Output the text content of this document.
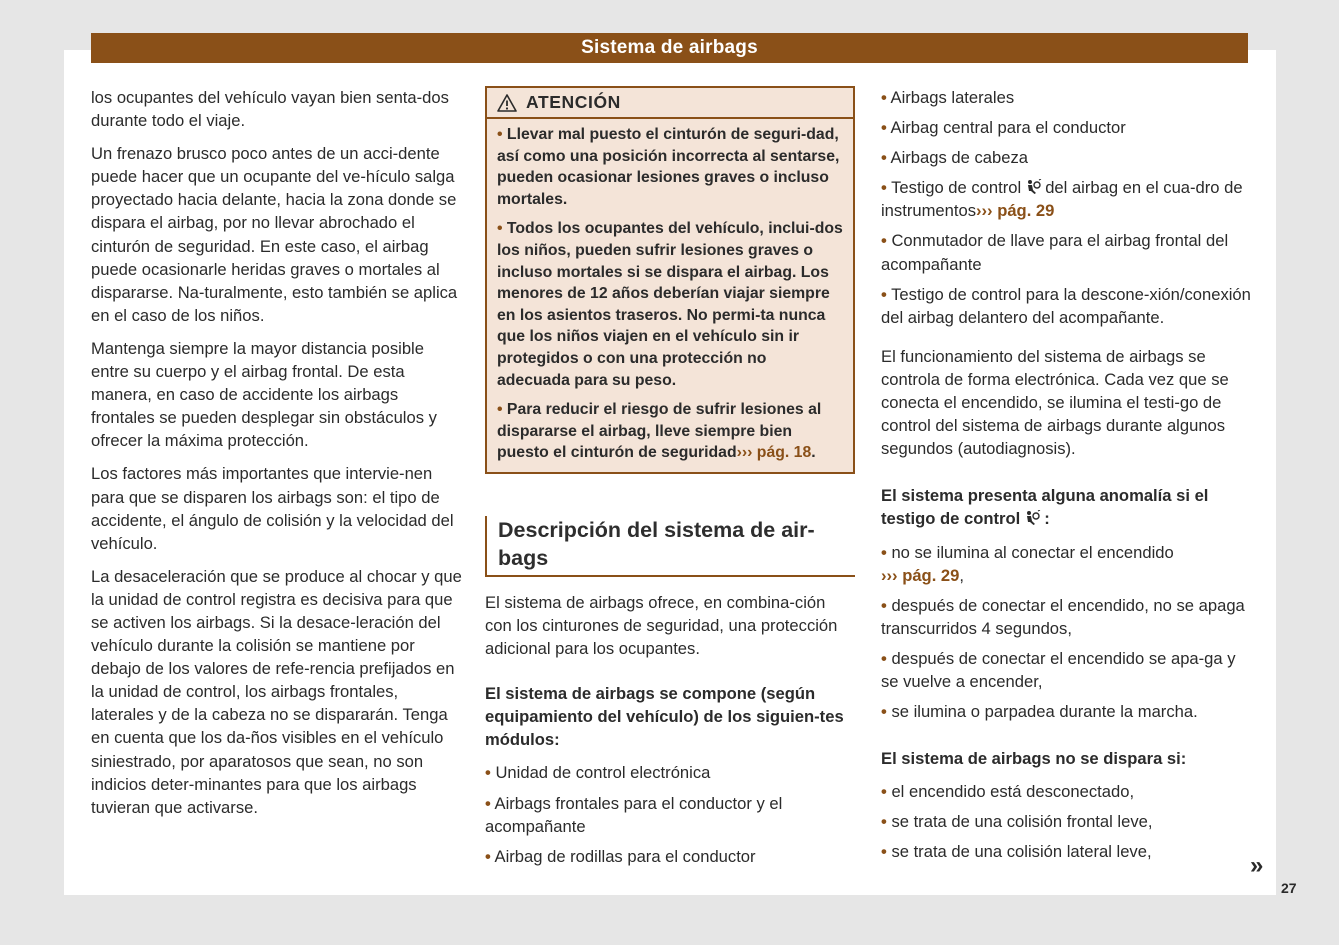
Sistema de airbags

los ocupantes del vehículo vayan bien senta-dos durante todo el viaje.

Un frenazo brusco poco antes de un acci-dente puede hacer que un ocupante del ve-hículo salga proyectado hacia delante, hacia la zona donde se dispara el airbag, por no llevar abrochado el cinturón de seguridad. En este caso, el airbag puede ocasionarle heridas graves o mortales al dispararse. Na-turalmente, esto también se aplica en el caso de los niños.

Mantenga siempre la mayor distancia posible entre su cuerpo y el airbag frontal. De esta manera, en caso de accidente los airbags frontales se pueden desplegar sin obstáculos y ofrecer la máxima protección.

Los factores más importantes que intervie-nen para que se disparen los airbags son: el tipo de accidente, el ángulo de colisión y la velocidad del vehículo.

La desaceleración que se produce al chocar y que la unidad de control registra es decisiva para que se activen los airbags. Si la desace-leración del vehículo durante la colisión se mantiene por debajo de los valores de refe-rencia prefijados en la unidad de control, los airbags frontales, laterales y de la cabeza no se dispararán. Tenga en cuenta que los da-ños visibles en el vehículo siniestrado, por aparatosos que sean, no son indicios deter-minantes para que los airbags tuvieran que activarse.

ATENCIÓN
• Llevar mal puesto el cinturón de seguri-dad, así como una posición incorrecta al sentarse, pueden ocasionar lesiones graves o incluso mortales.
• Todos los ocupantes del vehículo, inclui-dos los niños, pueden sufrir lesiones graves o incluso mortales si se dispara el airbag. Los menores de 12 años deberían viajar siempre en los asientos traseros. No permi-ta nunca que los niños viajen en el vehículo sin ir protegidos o con una protección no adecuada para su peso.
• Para reducir el riesgo de sufrir lesiones al dispararse el airbag, lleve siempre bien puesto el cinturón de seguridad››› pág. 18.
Descripción del sistema de air-bags

El sistema de airbags ofrece, en combina-ción con los cinturones de seguridad, una protección adicional para los ocupantes.

El sistema de airbags se compone (según equipamiento del vehículo) de los siguien-tes módulos:

• Unidad de control electrónica
• Airbags frontales para el conductor y el acompañante
• Airbag de rodillas para el conductor
• Airbags laterales
• Airbag central para el conductor
• Airbags de cabeza
• Testigo de control del airbag en el cua-dro de instrumentos››› pág. 29
• Conmutador de llave para el airbag frontal del acompañante
• Testigo de control para la descone-xión/conexión del airbag delantero del acompañante.

El funcionamiento del sistema de airbags se controla de forma electrónica. Cada vez que se conecta el encendido, se ilumina el testi-go de control del sistema de airbags durante algunos segundos (autodiagnosis).

El sistema presenta alguna anomalía si el testigo de control :

• no se ilumina al conectar el encendido
››› pág. 29,
• después de conectar el encendido, no se apaga transcurridos 4 segundos,
• después de conectar el encendido se apa-ga y se vuelve a encender,
• se ilumina o parpadea durante la marcha.

El sistema de airbags no se dispara si:

• el encendido está desconectado,
• se trata de una colisión frontal leve,
• se trata de una colisión lateral leve,
»
27
